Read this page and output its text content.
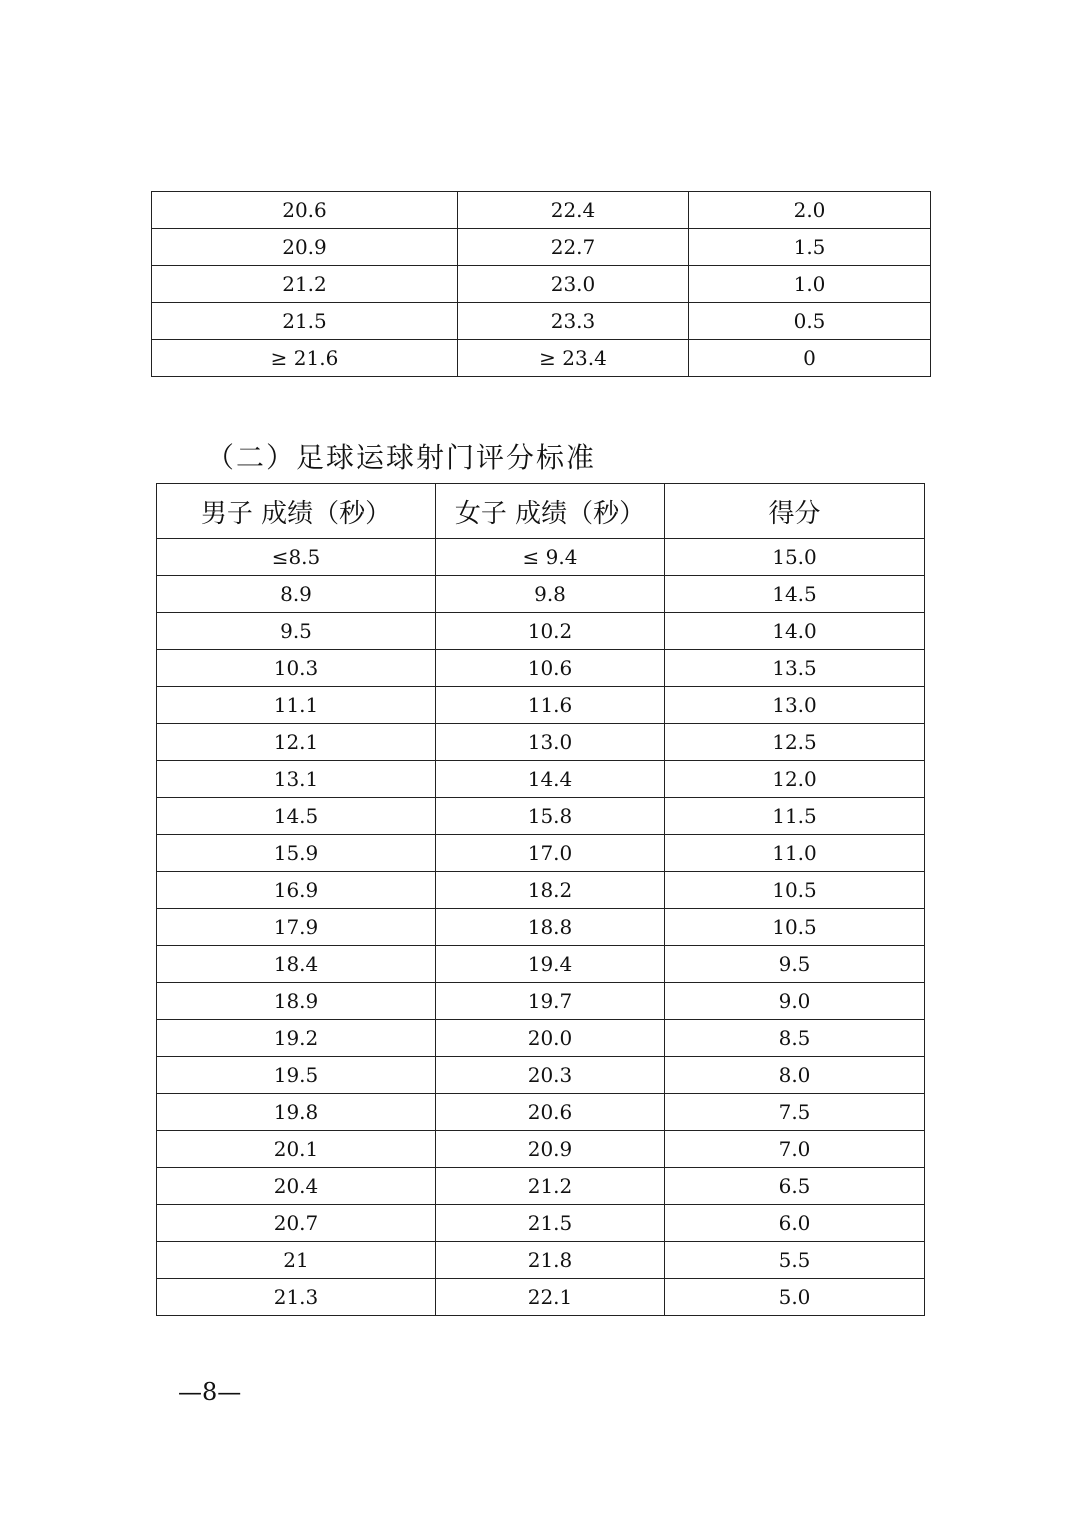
20.6	22.4	2.0
20.9	22.7	1.5
21.2	23.0	1.0
21.5	23.3	0.5
≥ 21.6	≥ 23.4	0
（二）足球运球射门评分标准
男子 成绩（秒）	女子 成绩（秒）	得分
≤8.5	≤ 9.4	15.0
8.9	9.8	14.5
9.5	10.2	14.0
10.3	10.6	13.5
11.1	11.6	13.0
12.1	13.0	12.5
13.1	14.4	12.0
14.5	15.8	11.5
15.9	17.0	11.0
16.9	18.2	10.5
17.9	18.8	10.5
18.4	19.4	9.5
18.9	19.7	9.0
19.2	20.0	8.5
19.5	20.3	8.0
19.8	20.6	7.5
20.1	20.9	7.0
20.4	21.2	6.5
20.7	21.5	6.0
21	21.8	5.5
21.3	22.1	5.0
—8—
